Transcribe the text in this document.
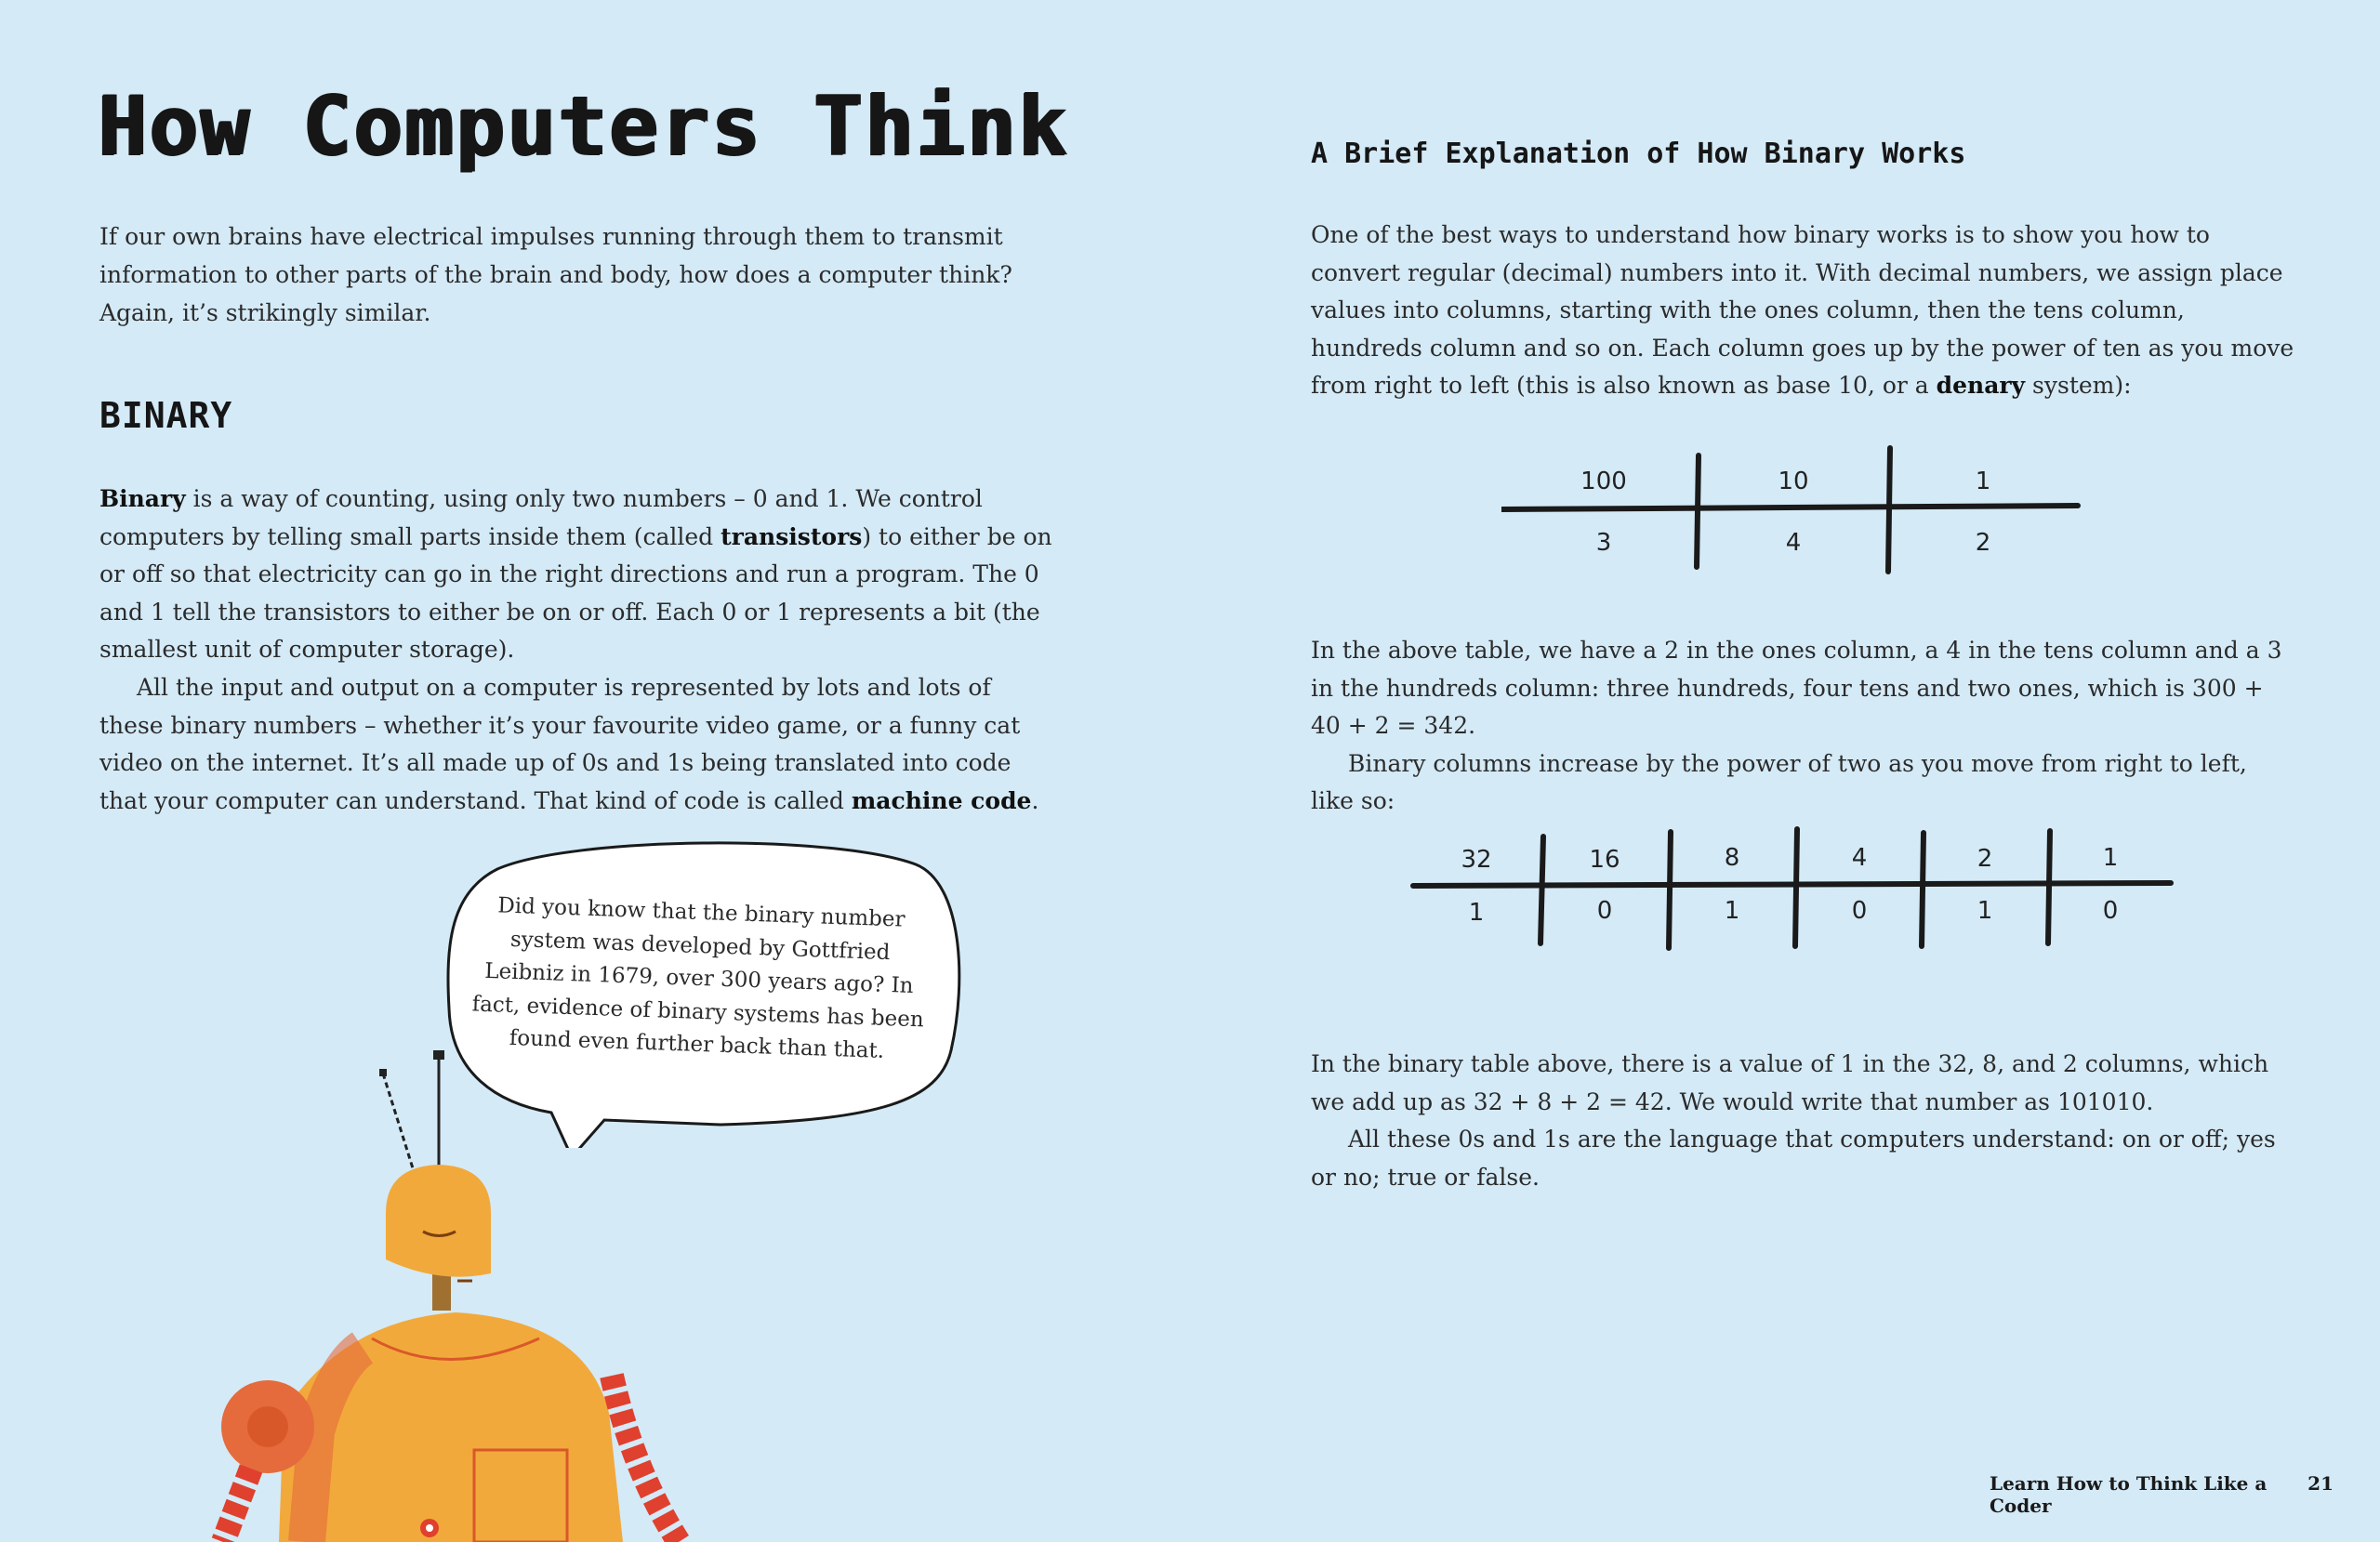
How Computers Think

If our own brains have electrical impulses running through them to transmit information to other parts of the brain and body, how does a computer think? Again, it’s strikingly similar.

BINARY

Binary is a way of counting, using only two numbers – 0 and 1. We control computers by telling small parts inside them (called transistors) to either be on or off so that electricity can go in the right directions and run a program. The 0 and 1 tell the transistors to either be on or off. Each 0 or 1 represents a bit (the smallest unit of computer storage).

All the input and output on a computer is represented by lots and lots of these binary numbers – whether it’s your favourite video game, or a funny cat video on the internet. It’s all made up of 0s and 1s being translated into code that your computer can understand. That kind of code is called machine code.

Did you know that the binary number system was developed by Gottfried Leibniz in 1679, over 300 years ago? In fact, evidence of binary systems has been found even further back than that.

A Brief Explanation of How Binary Works

One of the best ways to understand how binary works is to show you how to convert regular (decimal) numbers into it. With decimal numbers, we assign place values into columns, starting with the ones column, then the tens column, hundreds column and so on. Each column goes up by the power of ten as you move from right to left (this is also known as base 10, or a denary system):

100	10	1
3	4	2

In the above table, we have a 2 in the ones column, a 4 in the tens column and a 3 in the hundreds column: three hundreds, four tens and two ones, which is 300 + 40 + 2 = 342.

Binary columns increase by the power of two as you move from right to left, like so:

32	16	8	4	2	1
1	0	1	0	1	0

In the binary table above, there is a value of 1 in the 32, 8, and 2 columns, which we add up as 32 + 8 + 2 = 42. We would write that number as 101010.

All these 0s and 1s are the language that computers understand: on or off; yes or no; true or false.

Learn How to Think Like a Coder
21
